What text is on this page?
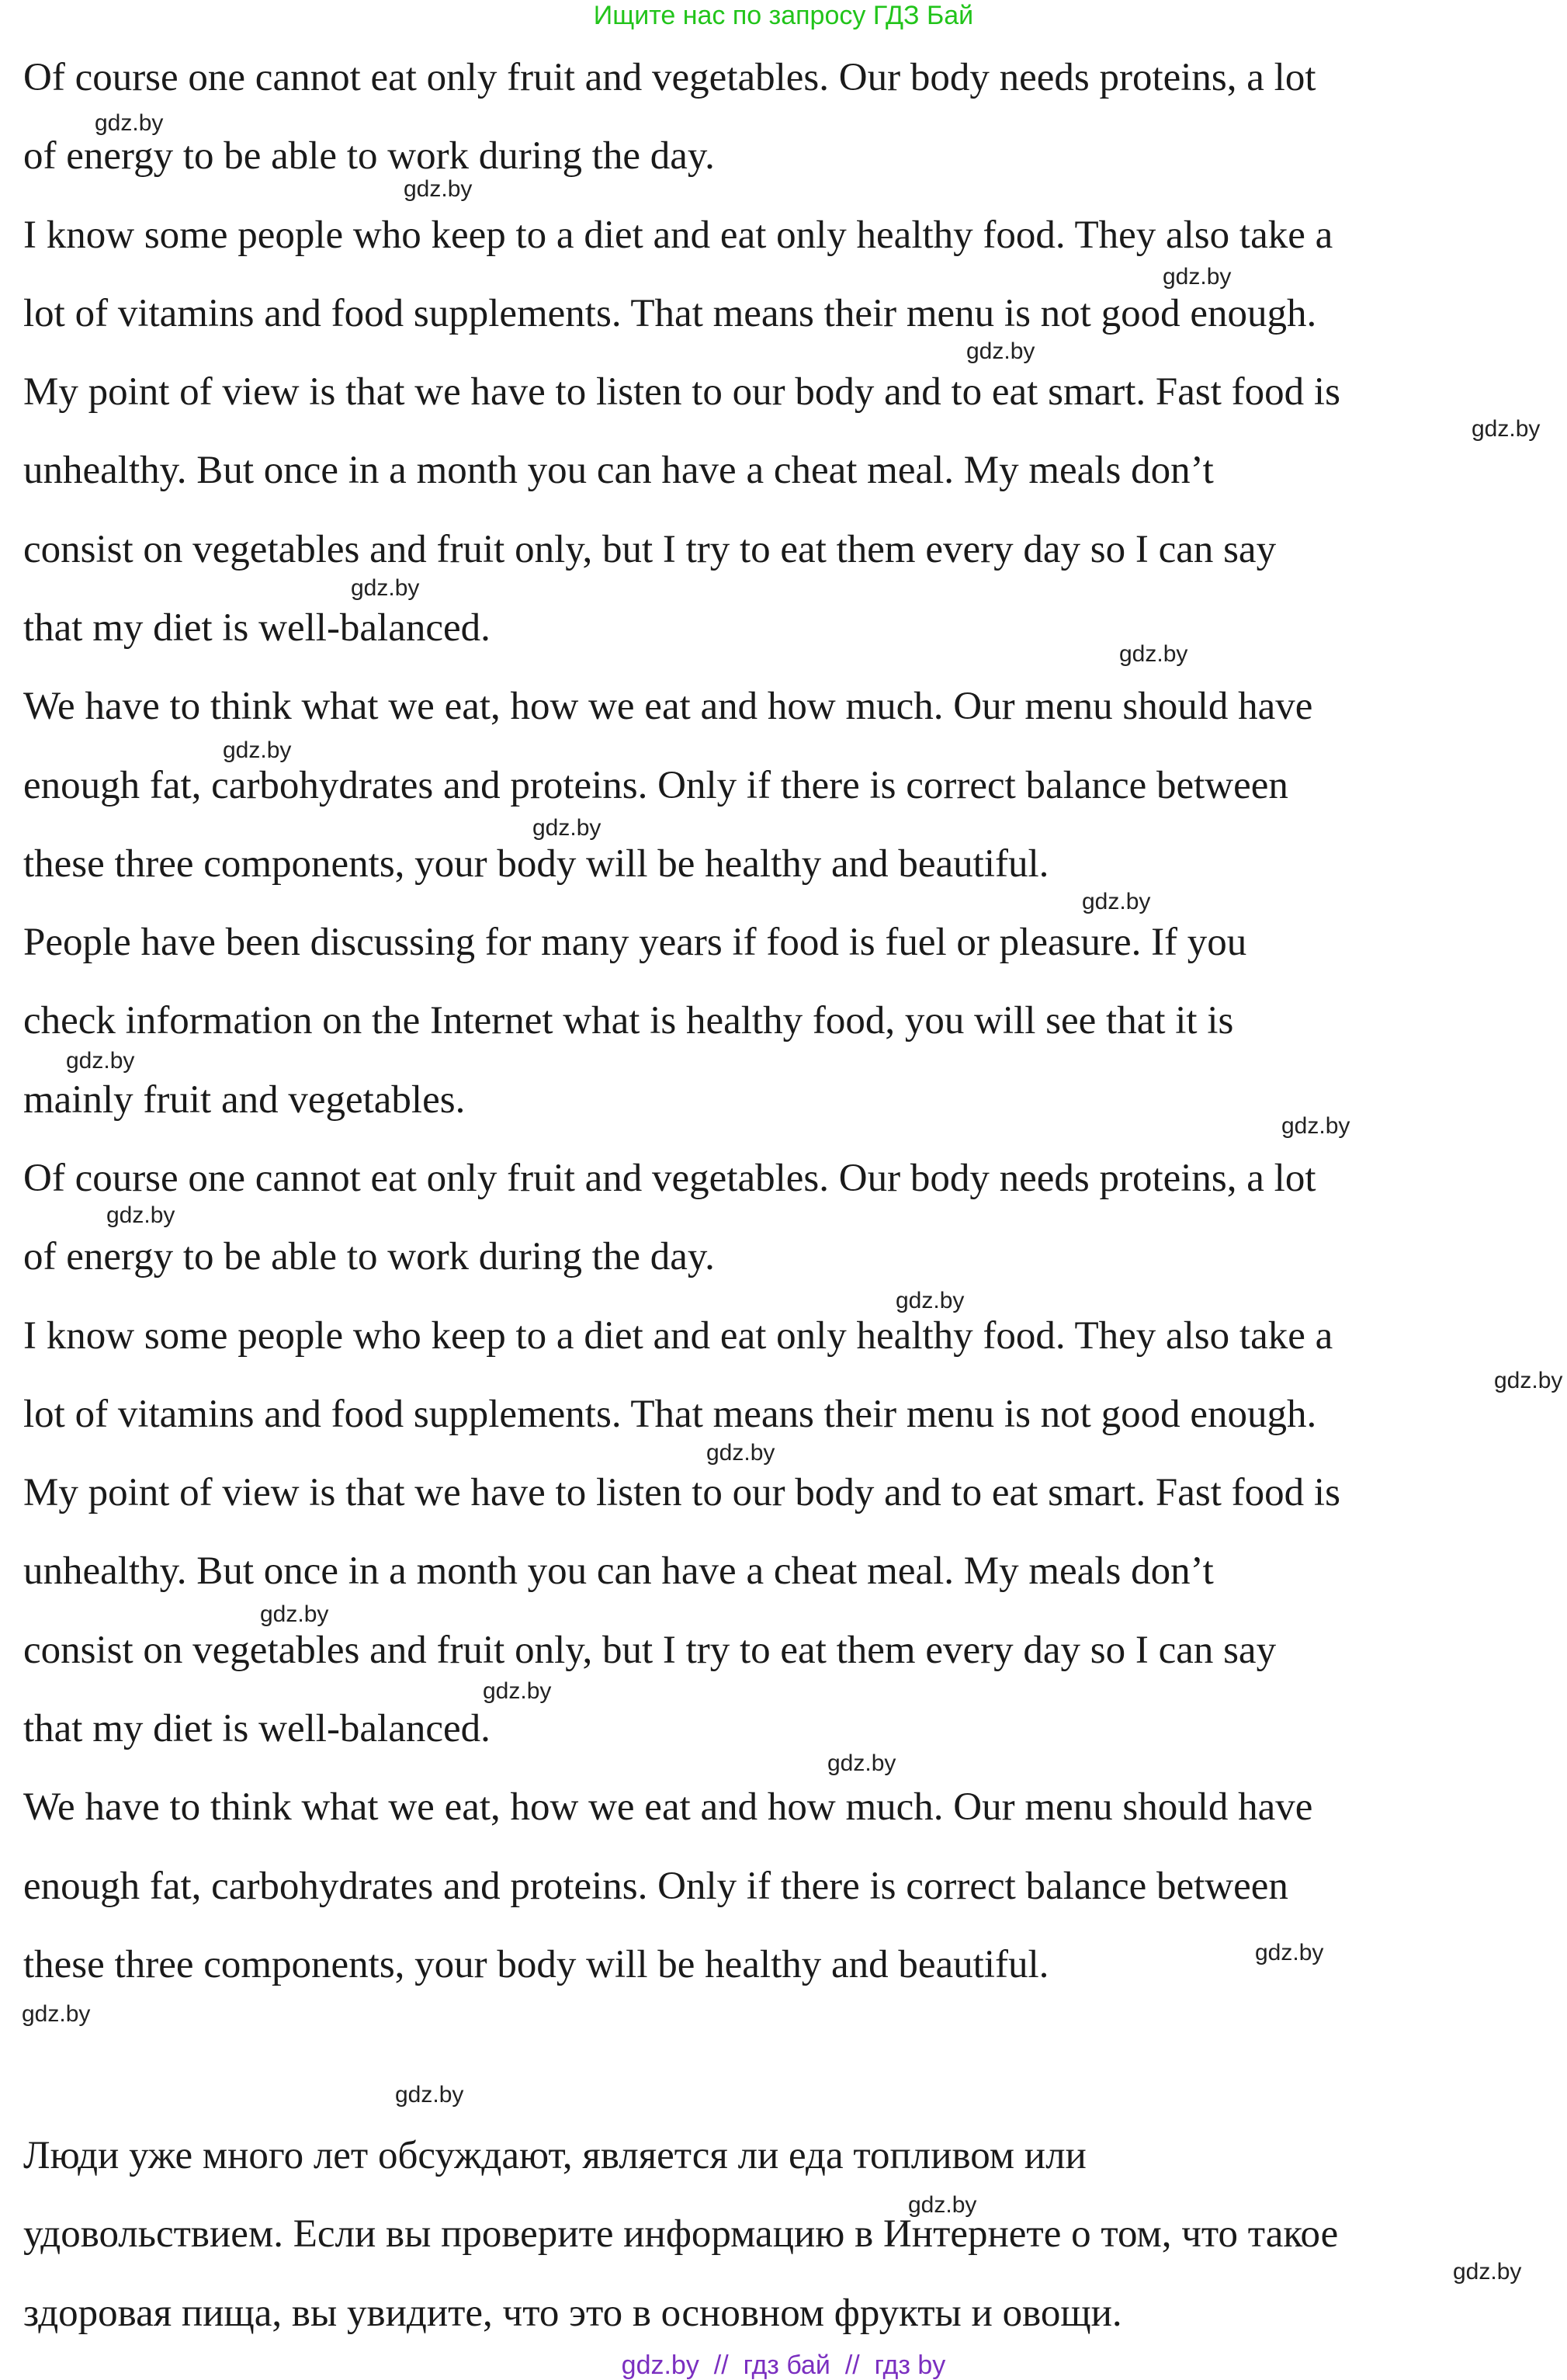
Ищите нас по запросу ГДЗ Бай
Of course one cannot eat only fruit and vegetables. Our body needs proteins, a lot
of energy to be able to work during the day.
I know some people who keep to a diet and eat only healthy food. They also take a
lot of vitamins and food supplements. That means their menu is not good enough.
My point of view is that we have to listen to our body and to eat smart. Fast food is
unhealthy. But once in a month you can have a cheat meal. My meals don’t
consist on vegetables and fruit only, but I try to eat them every day so I can say
that my diet is well-balanced.
We have to think what we eat, how we eat and how much. Our menu should have
enough fat, carbohydrates and proteins. Only if there is correct balance between
these three components, your body will be healthy and beautiful.
People have been discussing for many years if food is fuel or pleasure. If you
check information on the Internet what is healthy food, you will see that it is
mainly fruit and vegetables.
Of course one cannot eat only fruit and vegetables. Our body needs proteins, a lot
of energy to be able to work during the day.
I know some people who keep to a diet and eat only healthy food. They also take a
lot of vitamins and food supplements. That means their menu is not good enough.
My point of view is that we have to listen to our body and to eat smart. Fast food is
unhealthy. But once in a month you can have a cheat meal. My meals don’t
consist on vegetables and fruit only, but I try to eat them every day so I can say
that my diet is well-balanced.
We have to think what we eat, how we eat and how much. Our menu should have
enough fat, carbohydrates and proteins. Only if there is correct balance between
these three components, your body will be healthy and beautiful.
Люди уже много лет обсуждают, является ли еда топливом или
удовольствием. Если вы проверите информацию в Интернете о том, что такое
здоровая пища, вы увидите, что это в основном фрукты и овощи.
gdz.by
gdz.by
gdz.by
gdz.by
gdz.by
gdz.by
gdz.by
gdz.by
gdz.by
gdz.by
gdz.by
gdz.by
gdz.by
gdz.by
gdz.by
gdz.by
gdz.by
gdz.by
gdz.by
gdz.by
gdz.by
gdz.by
gdz.by
gdz.by
gdz.by // гдз бай // гдз by
